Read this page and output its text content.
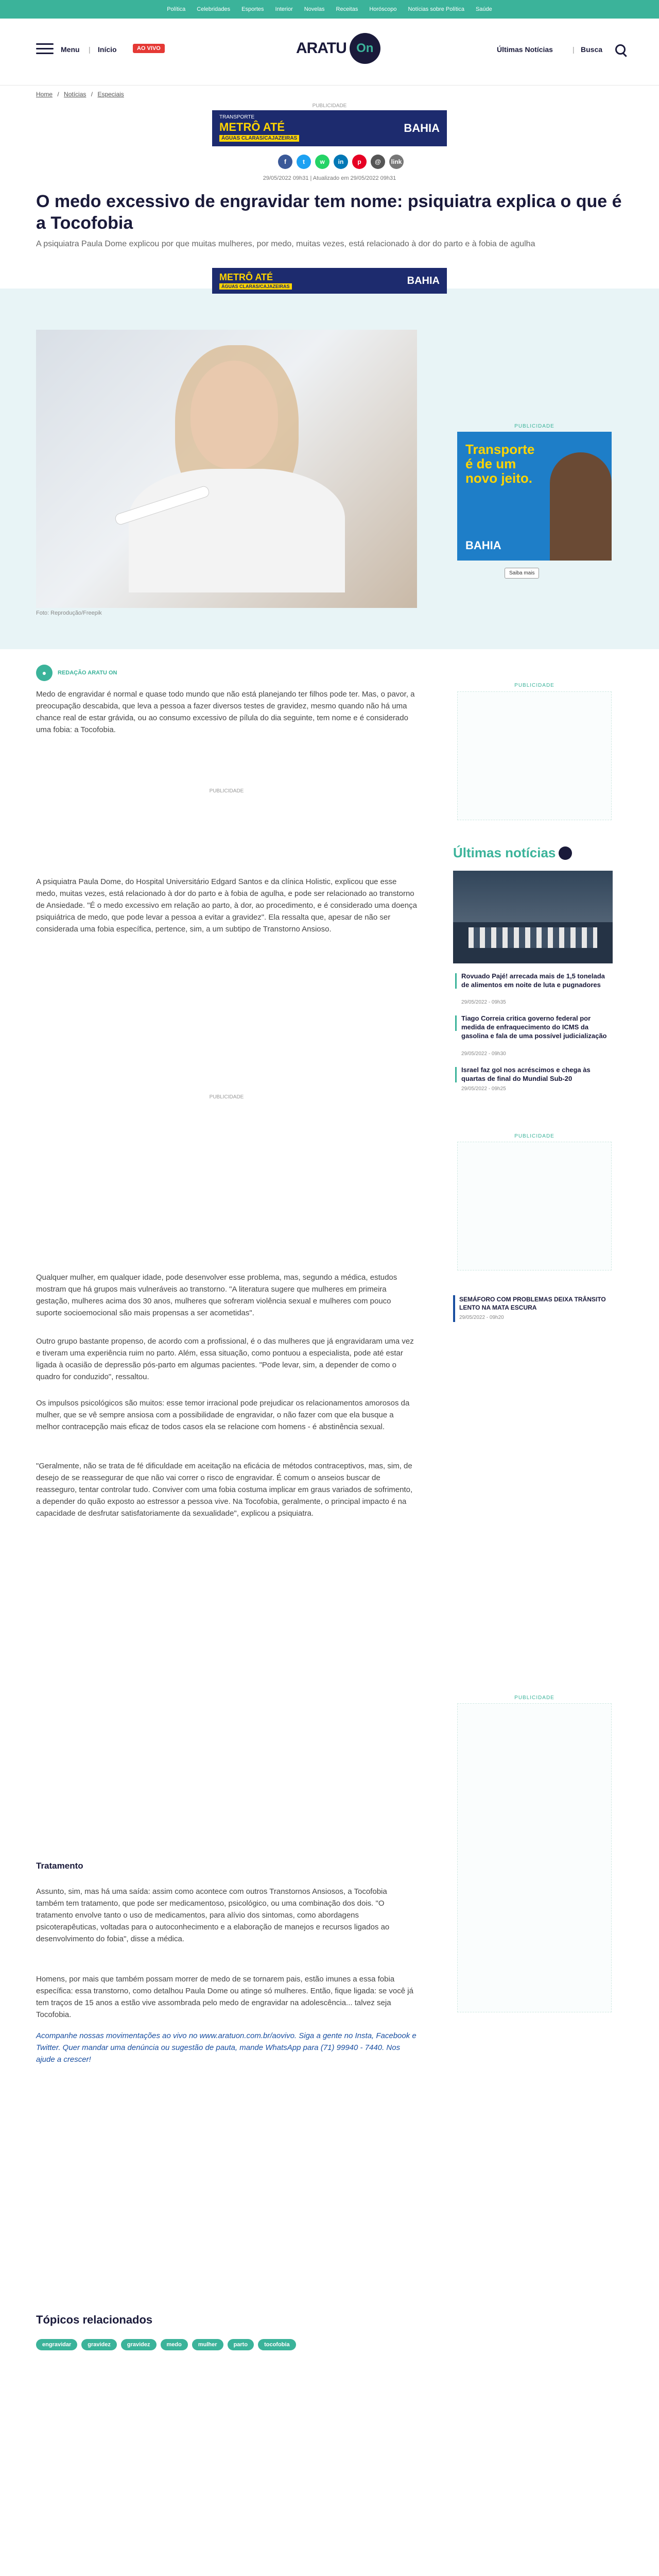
Política Celebridades Esportes Interior Novelas Receitas Horóscopo Notícias sobre Política Saúde
Menu | Início	AO VIVO	ARATU On	Últimas Notícias	| Busca
Home / Notícias / Especiais
PUBLICIDADE
TRANSPORTE
METRÔ ATÉ
ÁGUAS CLARAS/CAJAZEIRAS
BAHIA
f	t	w	in	p	@	link
29/05/2022 09h31 | Atualizado em 29/05/2022 09h31
O medo excessivo de engravidar tem nome: psiquiatra explica o que é a Tocofobia

A psiquiatra Paula Dome explicou por que muitas mulheres, por medo, muitas vezes, está relacionado à dor do parto e à fobia de agulha

METRÔ ATÉ
ÁGUAS CLARAS/CAJAZEIRAS	BAHIA
Foto: Reprodução/Freepik
PUBLICIDADE
Transporte é de um novo jeito.
BAHIA
Saiba mais
●	REDAÇÃO ARATU ON

Medo de engravidar é normal e quase todo mundo que não está planejando ter filhos pode ter. Mas, o pavor, a preocupação descabida, que leva a pessoa a fazer diversos testes de gravidez, mesmo quando não há uma chance real de estar grávida, ou ao consumo excessivo de pílula do dia seguinte, tem nome e é considerado uma fobia: a Tocofobia.

PUBLICIDADE
PUBLICIDADE
Últimas notícias
Rovuado Pajé! arrecada mais de 1,5 tonelada de alimentos em noite de luta e pugnadores
29/05/2022 - 09h35
Tiago Correia critica governo federal por medida de enfraquecimento do ICMS da gasolina e fala de uma possível judicialização
29/05/2022 - 09h30
Israel faz gol nos acréscimos e chega às quartas de final do Mundial Sub-20
29/05/2022 - 09h25

A psiquiatra Paula Dome, do Hospital Universitário Edgard Santos e da clínica Holistic, explicou que esse medo, muitas vezes, está relacionado à dor do parto e à fobia de agulha, e pode ser relacionado ao transtorno de Ansiedade. "É o medo excessivo em relação ao parto, à dor, ao procedimento, e é considerado uma doença psiquiátrica de medo, que pode levar a pessoa a evitar a gravidez". Ela ressalta que, apesar de não ser considerada uma fobia específica, pertence, sim, a um subtipo de Transtorno Ansioso.

PUBLICIDADE
PUBLICIDADE

Qualquer mulher, em qualquer idade, pode desenvolver esse problema, mas, segundo a médica, estudos mostram que há grupos mais vulneráveis ao transtorno. "A literatura sugere que mulheres em primeira gestação, mulheres acima dos 30 anos, mulheres que sofreram violência sexual e mulheres com pouco suporte socioemocional são mais propensas a ser acometidas".

SEMÁFORO COM PROBLEMAS DEIXA TRÂNSITO LENTO NA MATA ESCURA
29/05/2022 - 09h20

Outro grupo bastante propenso, de acordo com a profissional, é o das mulheres que já engravidaram uma vez e tiveram uma experiência ruim no parto. Além, essa situação, como pontuou a especialista, pode até estar ligada à ocasião de depressão pós-parto em algumas pacientes. "Pode levar, sim, a depender de como o quadro for conduzido", ressaltou.

Os impulsos psicológicos são muitos: esse temor irracional pode prejudicar os relacionamentos amorosos da mulher, que se vê sempre ansiosa com a possibilidade de engravidar, o não fazer com que ela busque a melhor contracepção mais eficaz de todos casos ela se relacione com homens - é abstinência sexual.

"Geralmente, não se trata de fé dificuldade em aceitação na eficácia de métodos contraceptivos, mas, sim, de desejo de se reassegurar de que não vai correr o risco de engravidar. É comum o anseios buscar de reasseguro, tentar controlar tudo. Conviver com uma fobia costuma implicar em graus variados de sofrimento, a depender do quão exposto ao estressor a pessoa vive. Na Tocofobia, geralmente, o principal impacto é na capacidade de desfrutar satisfatoriamente da sexualidade", explicou a psiquiatra.

PUBLICIDADE
Tratamento

Assunto, sim, mas há uma saída: assim como acontece com outros Transtornos Ansiosos, a Tocofobia também tem tratamento, que pode ser medicamentoso, psicológico, ou uma combinação dos dois. "O tratamento envolve tanto o uso de medicamentos, para alívio dos sintomas, como abordagens psicoterapêuticas, voltadas para o autoconhecimento e a elaboração de manejos e recursos ligados ao desenvolvimento do fobia", disse a médica.

Homens, por mais que também possam morrer de medo de se tornarem pais, estão imunes a essa fobia específica: essa transtorno, como detalhou Paula Dome ou atinge só mulheres. Então, fique ligada: se você já tem traços de 15 anos a estão vive assombrada pelo medo de engravidar na adolescência... talvez seja Tocofobia.

Acompanhe nossas movimentações ao vivo no www.aratuon.com.br/aovivo. Siga a gente no Insta, Facebook e Twitter. Quer mandar uma denúncia ou sugestão de pauta, mande WhatsApp para (71) 99940 - 7440. Nos ajude a crescer!

Tópicos relacionados
engravidar	gravidez	gravidez	medo	mulher	parto	tocofobia
